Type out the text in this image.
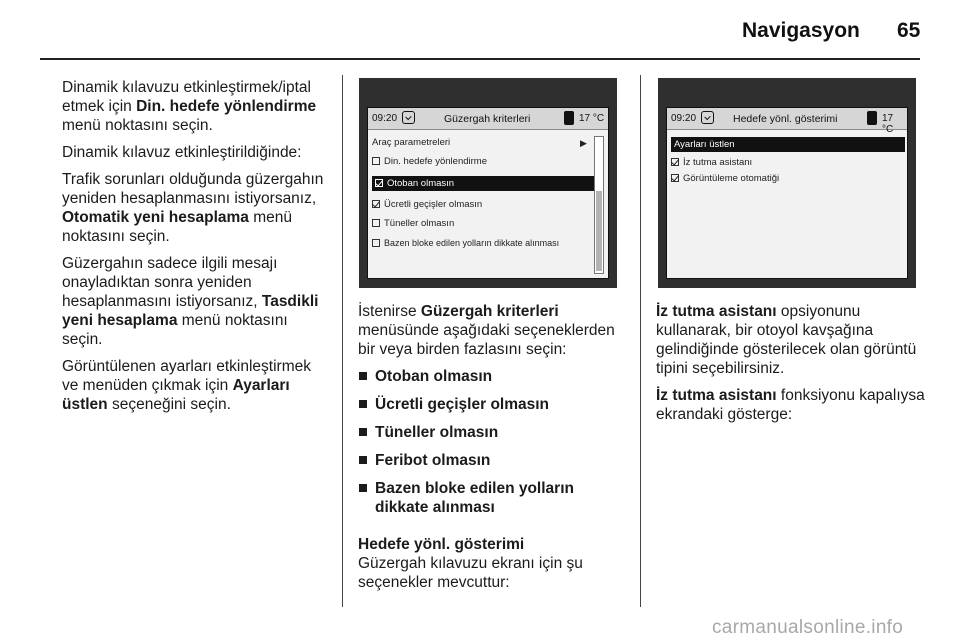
Navigasyon 65

Dinamik kılavuzu etkinleştirmek/iptal etmek için Din. hedefe yönlendirme menü noktasını seçin.

Dinamik kılavuz etkinleştirildiğinde:

Trafik sorunları olduğunda güzergahın yeniden hesaplanmasını istiyorsanız, Otomatik yeni hesaplama menü noktasını seçin.

Güzergahın sadece ilgili mesajı onayladıktan sonra yeniden hesaplanmasını istiyorsanız, Tasdikli yeni hesaplama menü noktasını seçin.

Görüntülenen ayarları etkinleştirmek ve menüden çıkmak için Ayarları üstlen seçeneğini seçin.

09:20	Güzergah kriterleri	17 °C
Araç parametreleri	▶
Din. hedefe yönlendirme
Otoban olmasın
Ücretli geçişler olmasın
Tüneller olmasın
Bazen bloke edilen yolların dikkate alınması
09:20	Hedefe yönl. gösterimi	17 °C
Ayarları üstlen
İz tutma asistanı
Görüntüleme otomatiği

İstenirse Güzergah kriterleri menüsünde aşağıdaki seçeneklerden bir veya birden fazlasını seçin:

Otoban olmasın
Ücretli geçişler olmasın
Tüneller olmasın
Feribot olmasın
Bazen bloke edilen yolların dikkate alınması

Hedefe yönl. gösterimi

Güzergah kılavuzu ekranı için şu seçenekler mevcuttur:

İz tutma asistanı opsiyonunu kullanarak, bir otoyol kavşağına gelindiğinde gösterilecek olan görüntü tipini seçebilirsiniz.

İz tutma asistanı fonksiyonu kapalıysa ekrandaki gösterge:

carmanualsonline.info
